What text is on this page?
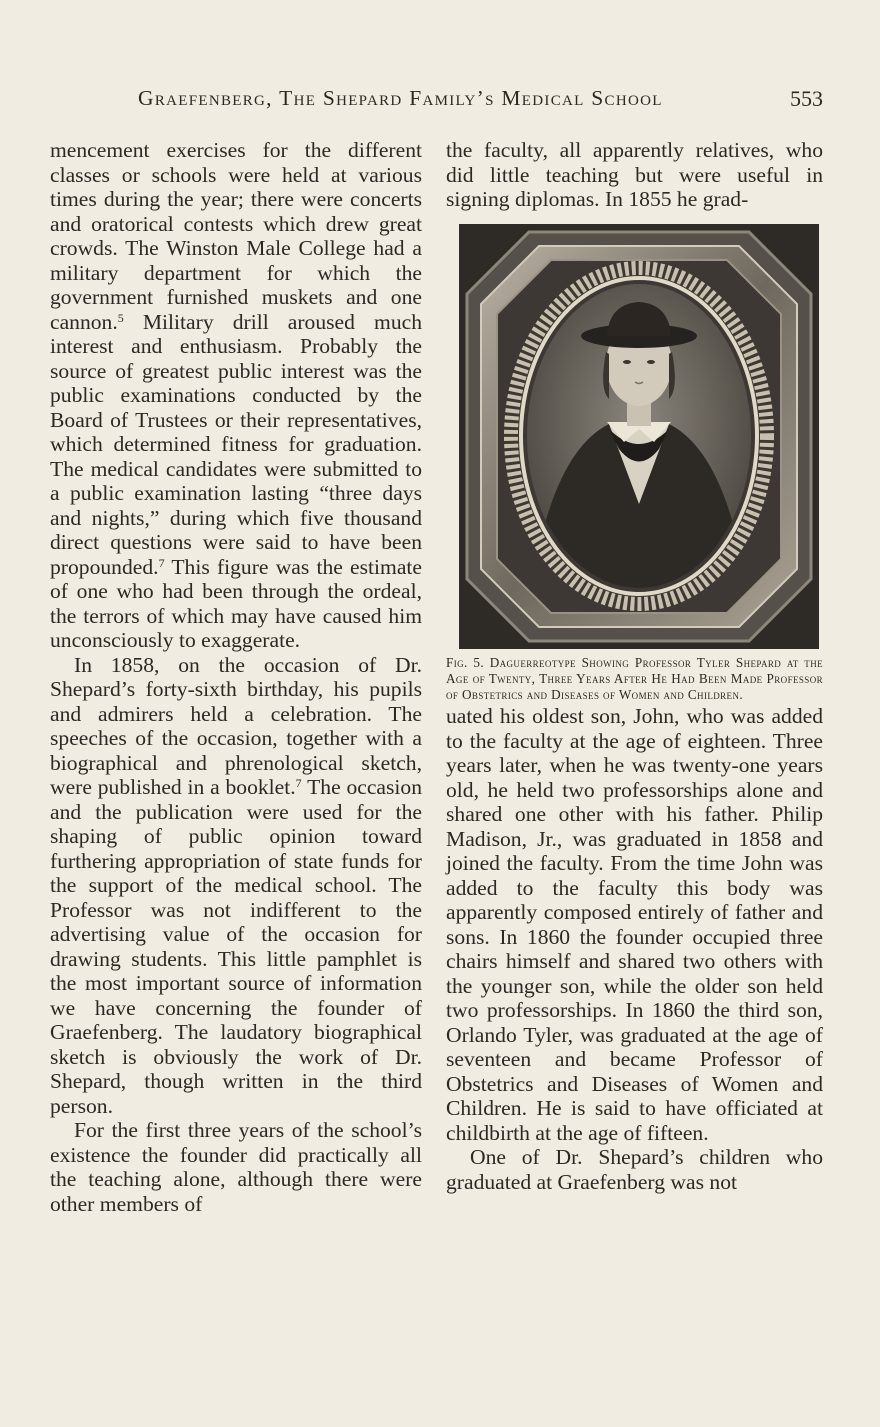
Graefenberg, The Shepard Family’s Medical School	553

mencement exercises for the different classes or schools were held at various times during the year; there were concerts and oratorical contests which drew great crowds. The Winston Male College had a military department for which the government furnished muskets and one cannon.$^5$ Military drill aroused much interest and enthusiasm. Probably the source of greatest public interest was the public examinations conducted by the Board of Trustees or their representatives, which determined fitness for graduation. The medical candidates were submitted to a public examination lasting “three days and nights,” during which five thousand direct questions were said to have been propounded.$^7$ This figure was the estimate of one who had been through the ordeal, the terrors of which may have caused him unconsciously to exaggerate.

In 1858, on the occasion of Dr. Shepard’s forty-sixth birthday, his pupils and admirers held a celebration. The speeches of the occasion, together with a biographical and phrenological sketch, were published in a booklet.$^7$ The occasion and the publication were used for the shaping of public opinion toward furthering appropriation of state funds for the support of the medical school. The Professor was not indifferent to the advertising value of the occasion for drawing students. This little pamphlet is the most important source of information we have concerning the founder of Graefenberg. The laudatory biographical sketch is obviously the work of Dr. Shepard, though written in the third person.

For the first three years of the school’s existence the founder did practically all the teaching alone, although there were other members of

the faculty, all apparently relatives, who did little teaching but were useful in signing diplomas. In 1855 he grad-

uated his oldest son, John, who was added to the faculty at the age of eighteen. Three years later, when he was twenty-one years old, he held two professorships alone and shared one other with his father. Philip Madison, Jr., was graduated in 1858 and joined the faculty. From the time John was added to the faculty this body was apparently composed entirely of father and sons. In 1860 the founder occupied three chairs himself and shared two others with the younger son, while the older son held two professorships. In 1860 the third son, Orlando Tyler, was graduated at the age of seventeen and became Professor of Obstetrics and Diseases of Women and Children. He is said to have officiated at childbirth at the age of fifteen.

One of Dr. Shepard’s children who graduated at Graefenberg was not

Fig. 5. Daguerreotype Showing Professor Tyler Shepard at the Age of Twenty, Three Years After He Had Been Made Professor of Obstetrics and Diseases of Women and Children.
